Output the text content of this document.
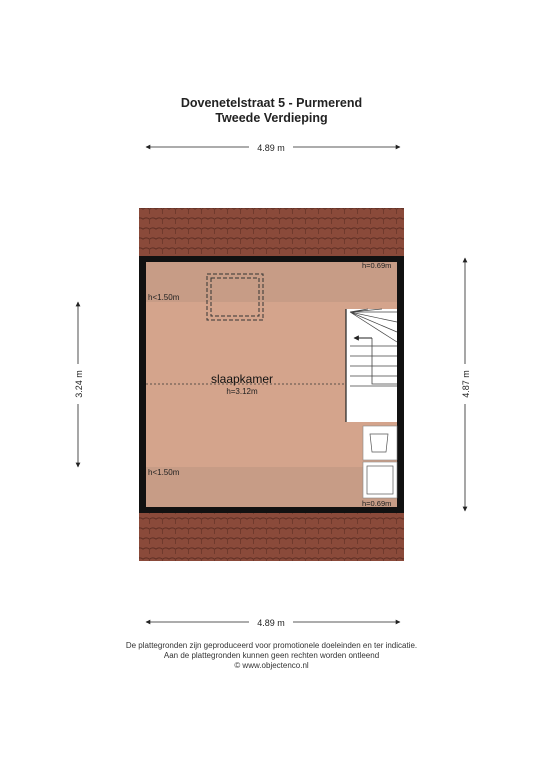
Dovenetelstraat 5 - Purmerend
Tweede Verdieping
4.89 m
h<1.50m
h<1.50m
h=0.69m
h=0.69m
slaapkamer
h=3.12m
3.24 m	4.87 m
4.89 m
De plattegronden zijn geproduceerd voor promotionele doeleinden en ter indicatie.
Aan de plattegronden kunnen geen rechten worden ontleend
© www.objectenco.nl
